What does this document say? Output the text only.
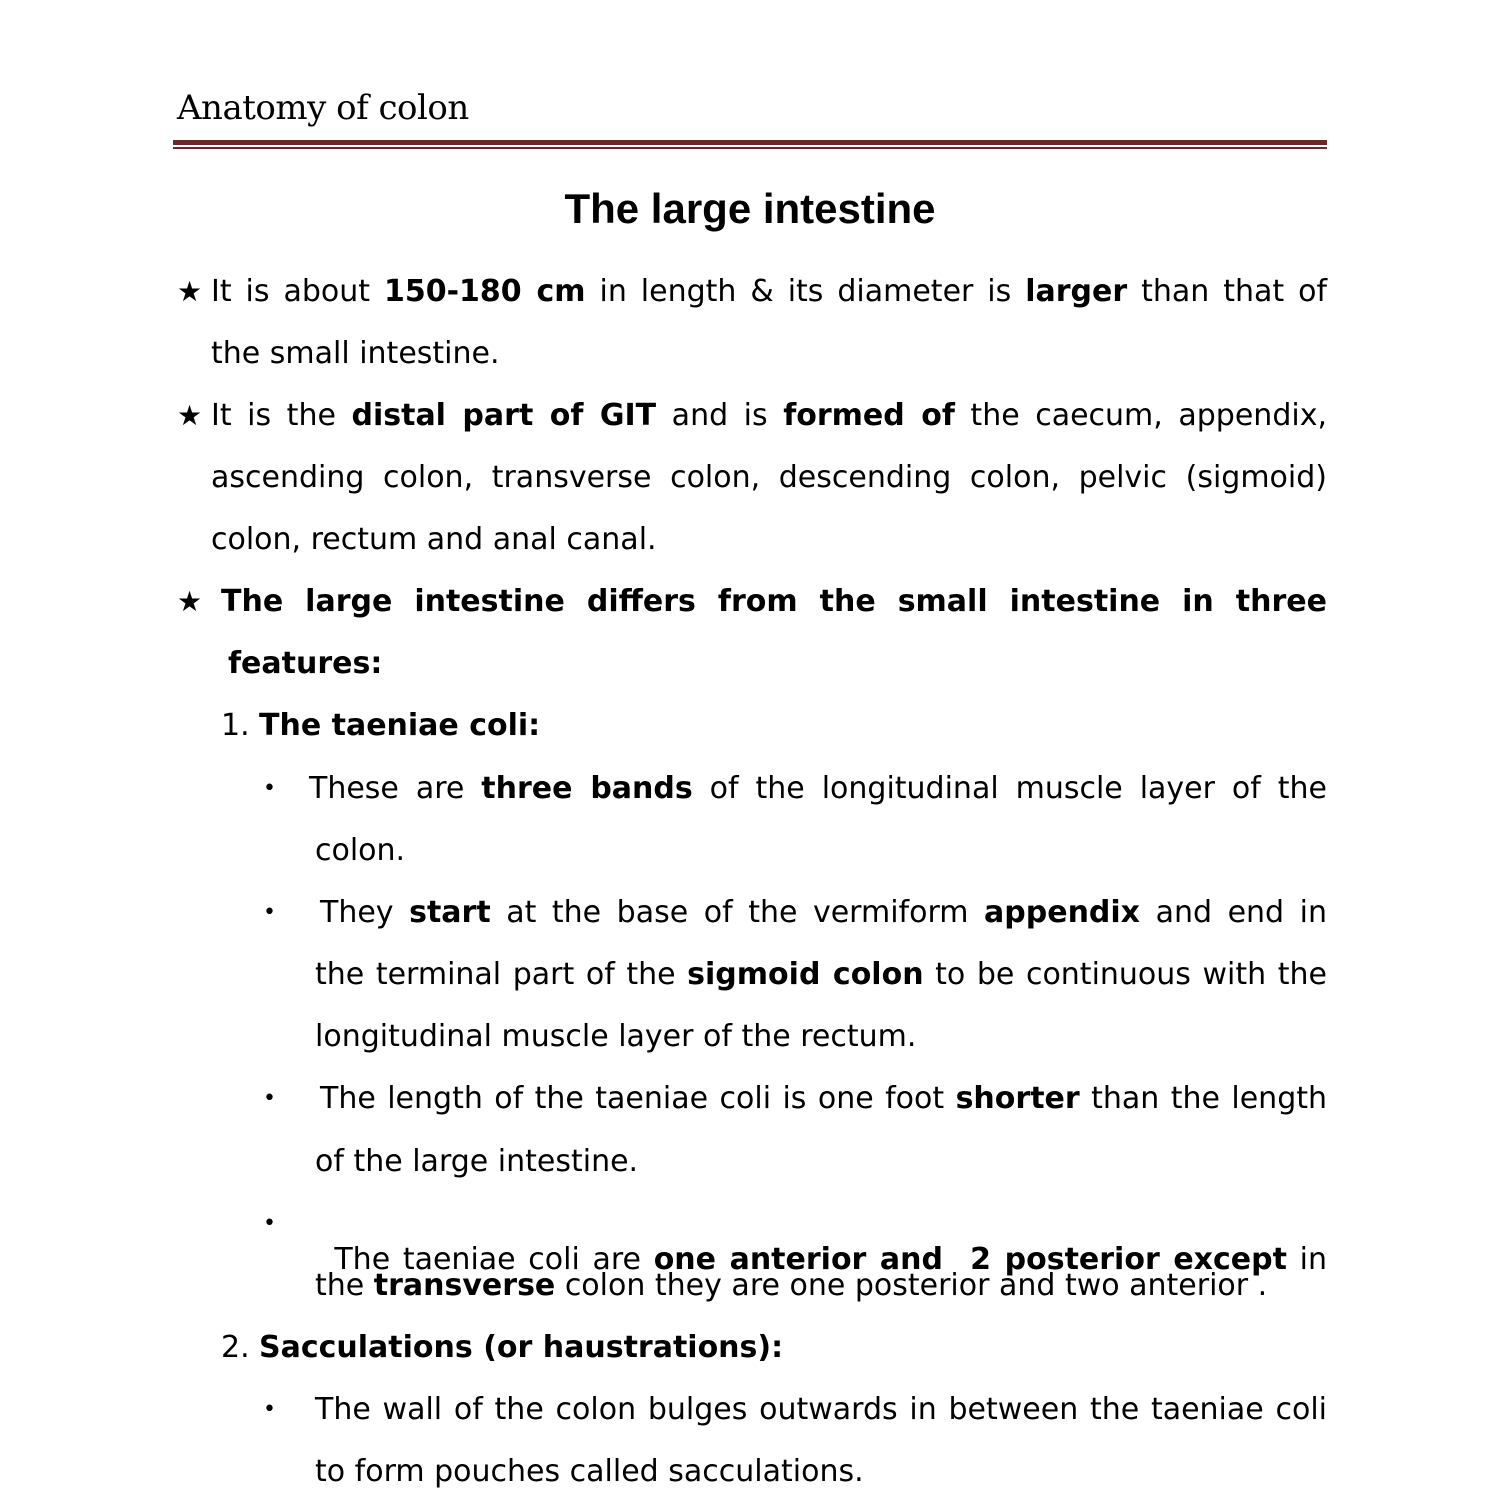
Anatomy of colon
The large intestine
★ It is about 150-180 cm in length & its diameter is larger than that of
the small intestine.
★ It is the distal part of GIT and is formed of the caecum, appendix,
ascending colon, transverse colon, descending colon, pelvic (sigmoid)
colon, rectum and anal canal.
★ The large intestine differs from the small intestine in three
features:
1. The taeniae coli:
• These are three bands of the longitudinal muscle layer of the
colon.
• They start at the base of the vermiform appendix and end in
the terminal part of the sigmoid colon to be continuous with the
longitudinal muscle layer of the rectum.
• The length of the taeniae coli is one foot shorter than the length
of the large intestine.
•

The taeniae coli are one anterior and  2 posterior except in

the transverse colon they are one posterior and two anterior .
2. Sacculations (or haustrations):
• The wall of the colon bulges outwards in between the taeniae coli
to form pouches called sacculations.
